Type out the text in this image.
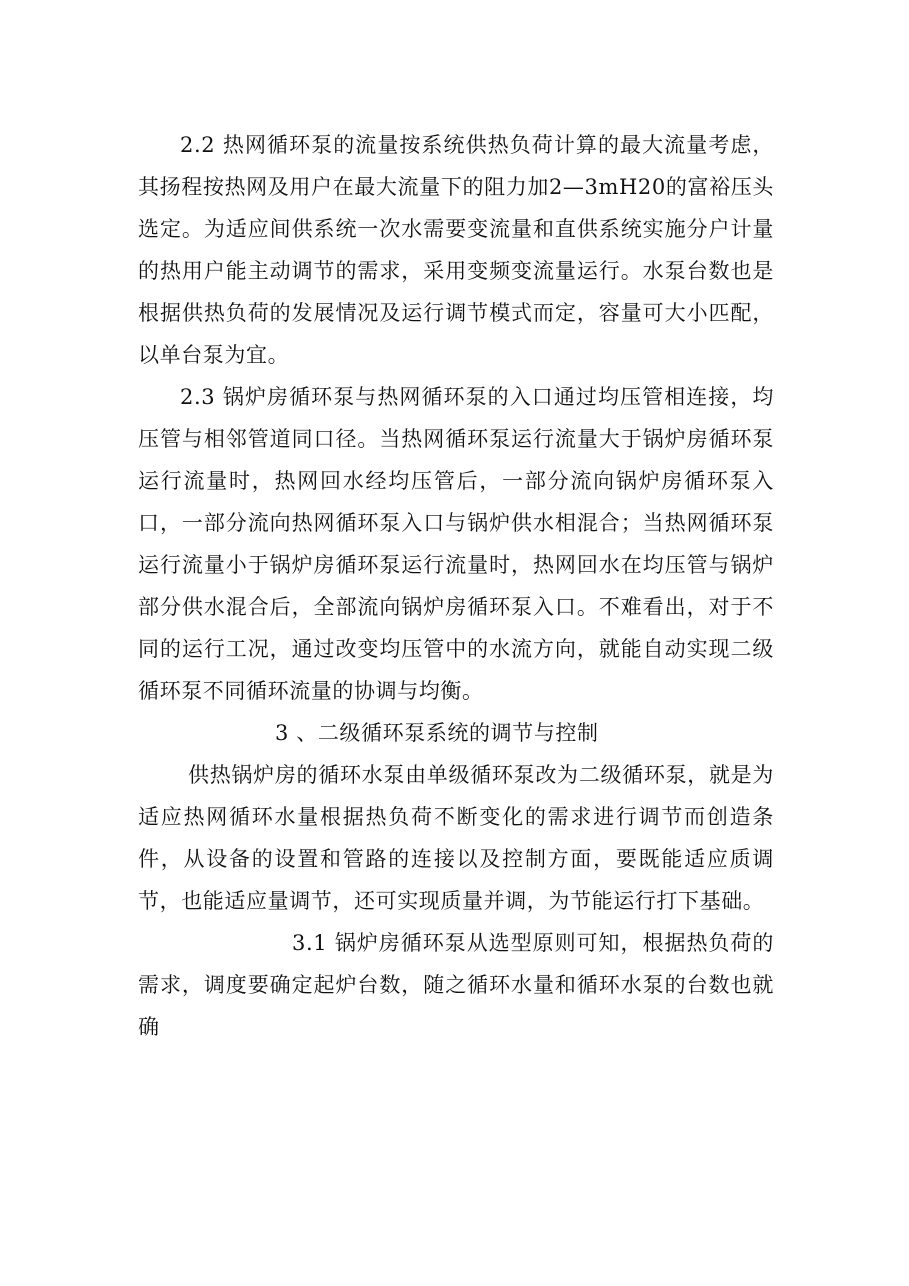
2.2 热网循环泵的流量按系统供热负荷计算的最大流量考虑，其扬程按热网及用户在最大流量下的阻力加2—3mH20的富裕压头选定。为适应间供系统一次水需要变流量和直供系统实施分户计量的热用户能主动调节的需求，采用变频变流量运行。水泵台数也是根据供热负荷的发展情况及运行调节模式而定，容量可大小匹配，以单台泵为宜。

2.3 锅炉房循环泵与热网循环泵的入口通过均压管相连接，均压管与相邻管道同口径。当热网循环泵运行流量大于锅炉房循环泵运行流量时，热网回水经均压管后，一部分流向锅炉房循环泵入口，一部分流向热网循环泵入口与锅炉供水相混合；当热网循环泵运行流量小于锅炉房循环泵运行流量时，热网回水在均压管与锅炉部分供水混合后，全部流向锅炉房循环泵入口。不难看出，对于不同的运行工况，通过改变均压管中的水流方向，就能自动实现二级循环泵不同循环流量的协调与均衡。

3 、二级循环泵系统的调节与控制

供热锅炉房的循环水泵由单级循环泵改为二级循环泵，就是为适应热网循环水量根据热负荷不断变化的需求进行调节而创造条件，从设备的设置和管路的连接以及控制方面，要既能适应质调节，也能适应量调节，还可实现质量并调，为节能运行打下基础。

3.1 锅炉房循环泵从选型原则可知，根据热负荷的需求，调度要确定起炉台数，随之循环水量和循环水泵的台数也就确
